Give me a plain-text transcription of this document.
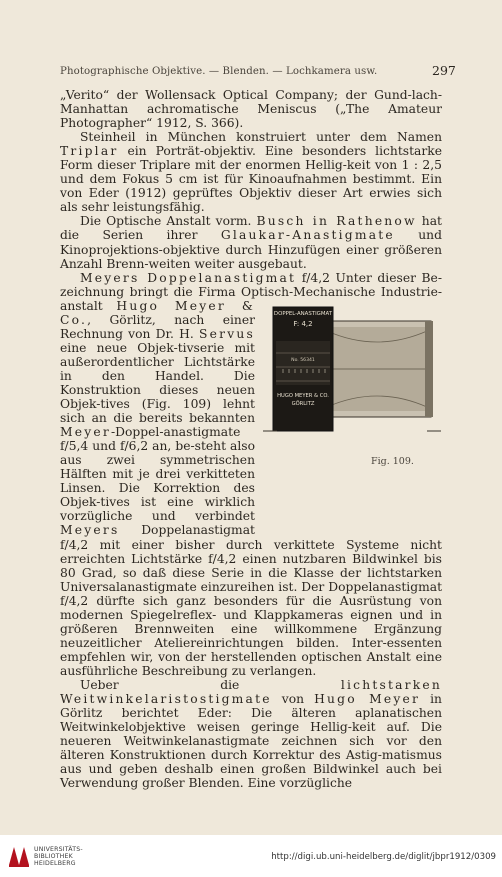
Photographische Objektive. — Blenden. — Lochkamera usw.	297

„Verito“ der Wollensack Optical Company; der Gund-lach-Manhattan achromatische Meniscus („The Amateur Photographer“ 1912, S. 366).

Steinheil in München konstruiert unter dem Namen Triplar ein Porträt-objektiv. Eine besonders lichtstarke Form dieser Triplare mit der enormen Hellig-keit von 1 : 2,5 und dem Fokus 5 cm ist für Kinoaufnahmen bestimmt. Ein von Eder (1912) geprüftes Objektiv dieser Art erwies sich als sehr leistungsfähig.

Die Optische Anstalt vorm. Busch in Rathenow hat die Serien ihrer Glaukar-Anastigmate und Kinoprojektions-objektive durch Hinzufügen einer größeren Anzahl Brenn-weiten weiter ausgebaut.

Meyers Doppelanastigmat f/4,2 Unter dieser Be-zeichnung bringt die Firma Optisch-Mechanische Industrie-anstalt
DOPPEL-ANASTIGMAT
F: 4,2
No. 56341
HUGO MEYER & CO.
GÖRLITZ
Fig. 109.
Hugo Meyer & Co., Görlitz, nach einer Rechnung von Dr. H. Servus eine neue Objek-tivserie mit außerordentlicher Lichtstärke in den Handel. Die Konstruktion dieses neuen Objek-tives (Fig. 109) lehnt sich an die bereits bekannten Meyer-Doppel-anastigmate f/5,4 und f/6,2 an, be-steht also aus zwei symmetrischen Hälften mit je drei verkitteten Linsen. Die Korrektion des Objek-tives ist eine wirklich vorzügliche und verbindet Meyers Doppelanastigmat f/4,2 mit einer bisher durch verkittete Systeme nicht erreichten Lichtstärke f/4,2 einen nutzbaren Bildwinkel bis 80 Grad, so daß diese Serie in die Klasse der lichtstarken Universalanastigmate einzureihen ist. Der Doppelanastigmat f/4,2 dürfte sich ganz besonders für die Ausrüstung von modernen Spiegelreflex- und Klappkameras eignen und in größeren Brennweiten eine willkommene Ergänzung neuzeitlicher Ateliereinrichtungen bilden. Inter-essenten empfehlen wir, von der herstellenden optischen Anstalt eine ausführliche Beschreibung zu verlangen.

Ueber die	lichtstarken Weitwinkelaristostigmate von Hugo Meyer in Görlitz berichtet Eder: Die älteren aplanatischen Weitwinkelobjektive weisen geringe Hellig-keit auf. Die neueren Weitwinkelanastigmate zeichnen sich vor den älteren Konstruktionen durch Korrektur des Astig-matismus aus und geben deshalb einen großen Bildwinkel auch bei Verwendung großer Blenden. Eine vorzügliche

UNIVERSITÄTS-
BIBLIOTHEK
HEIDELBERG
http://digi.ub.uni-heidelberg.de/diglit/jbpr1912/0309
